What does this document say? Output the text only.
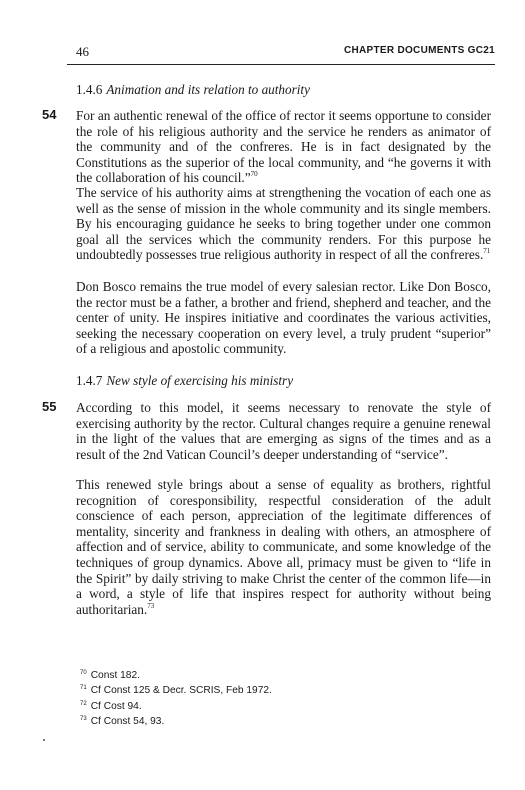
46	CHAPTER DOCUMENTS GC21
1.4.6 Animation and its relation to authority
54 For an authentic renewal of the office of rector it seems opportune to consider the role of his religious authority and the service he renders as animator of the community and of the confreres. He is in fact designated by the Constitutions as the superior of the local community, and “he governs it with the collaboration of his council.”$^{70}$

The service of his authority aims at strengthening the vocation of each one as well as the sense of mission in the whole community and its single members. By his encouraging guidance he seeks to bring together under one common goal all the services which the community renders. For this purpose he undoubtedly possesses true religious authority in respect of all the confreres.$^{71}$

Don Bosco remains the true model of every salesian rector. Like Don Bosco, the rector must be a father, a brother and friend, shepherd and teacher, and the center of unity. He inspires initiative and coordinates the various activities, seeking the necessary cooperation on every level, a truly prudent “superior” of a religious and apostolic community.

1.4.7 New style of exercising his ministry
55 According to this model, it seems necessary to renovate the style of exercising authority by the rector. Cultural changes require a genuine renewal in the light of the values that are emerging as signs of the times and as a result of the 2nd Vatican Council’s deeper understanding of “service”.

This renewed style brings about a sense of equality as brothers, rightful recognition of coresponsibility, respectful consideration of the adult conscience of each person, appreciation of the legitimate differences of mentality, sincerity and frankness in dealing with others, an atmosphere of affection and of service, ability to communicate, and some knowledge of the techniques of group dynamics. Above all, primacy must be given to “life in the Spirit” by daily striving to make Christ the center of the common life—in a word, a style of life that inspires respect for authority without being authoritarian.$^{73}$

$^{70}$ Const 182.
$^{71}$ Cf Const 125 & Decr. SCRIS, Feb 1972.
$^{72}$ Cf Cost 94.
$^{73}$ Cf Const 54, 93.
